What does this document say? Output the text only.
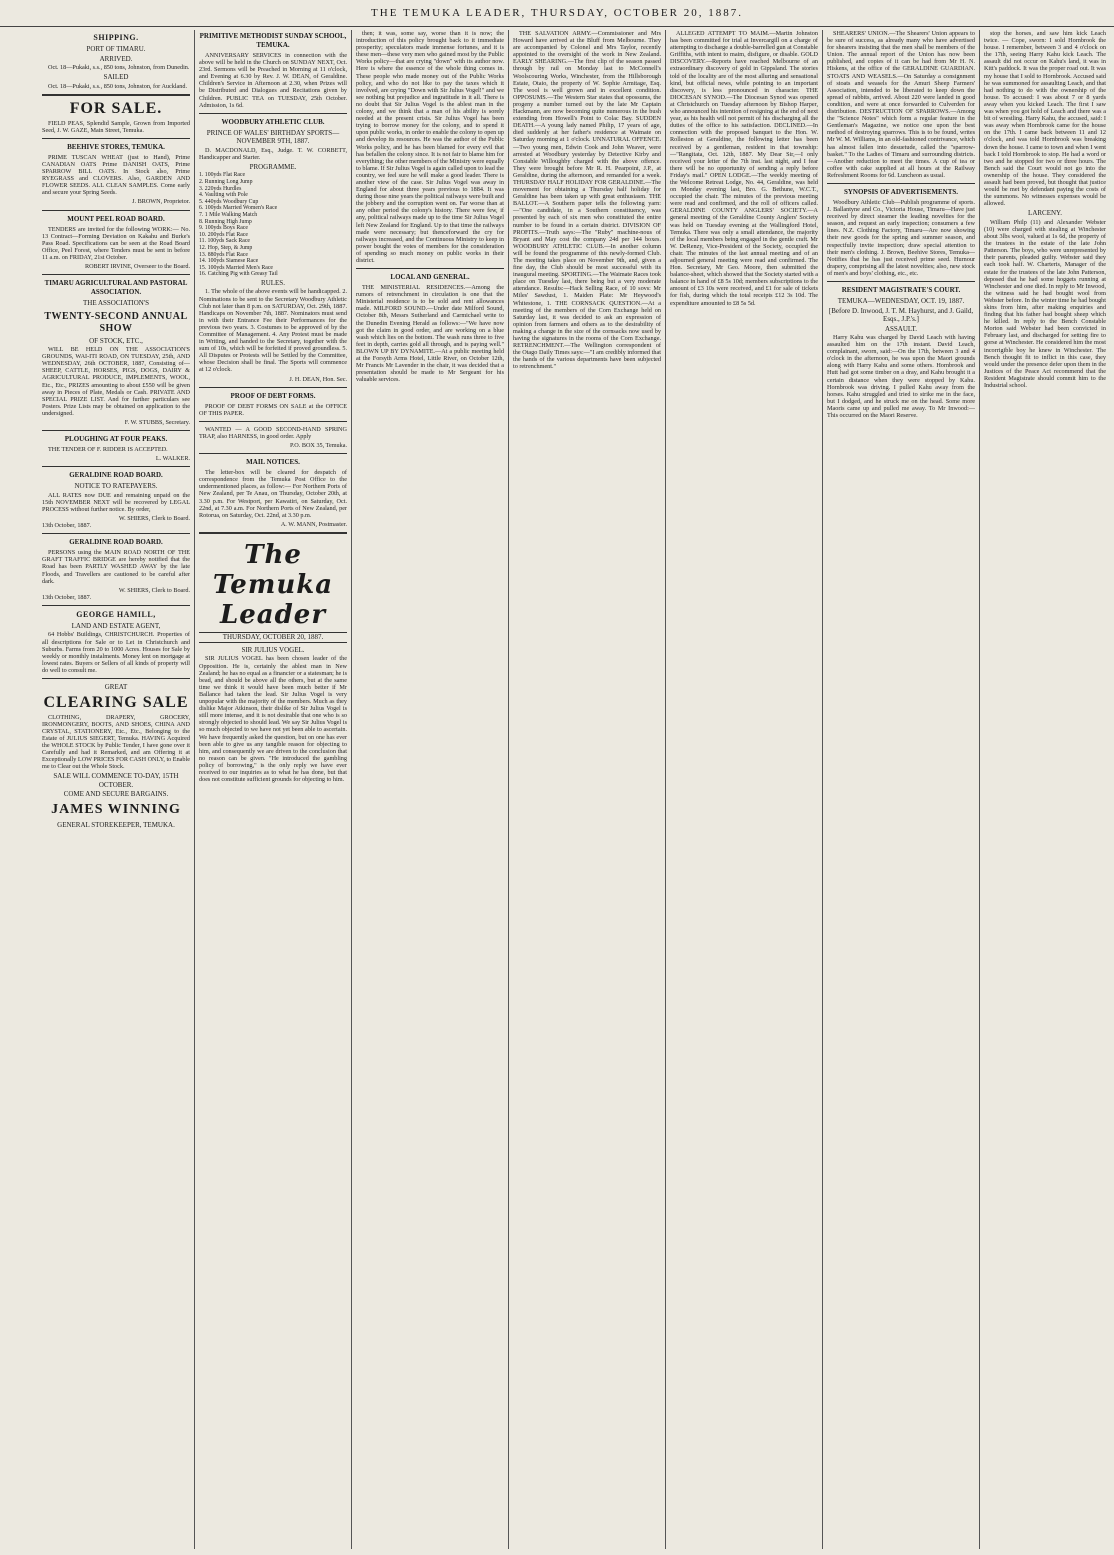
THE TEMUKA LEADER, THURSDAY, OCTOBER 20, 1887.
SHIPPING.
PORT OF TIMARU.
ARRIVED.

Oct. 18—Pukaki, s.s., 850 tons, Johnston, from Dunedin.

SAILED

Oct. 18—Pukaki, s.s., 850 tons, Johnston, for Auckland.

FOR SALE.

FIELD PEAS, Splendid Sample, Grown from Imported Seed, J. W. GAZE, Main Street, Temuka.

BEEHIVE STORES, TEMUKA.

PRIME TUSCAN WHEAT (just to Hand), Prime CANADIAN OATS Prime DANISH OATS, Prime SPARROW BILL OATS. In Stock also, Prime RYEGRASS and CLOVERS. Also, GARDEN AND FLOWER SEEDS. ALL CLEAN SAMPLES. Come early and secure your Spring Seeds.

J. BROWN, Proprietor.
MOUNT PEEL ROAD BOARD.

TENDERS are invited for the following WORK:— No. 13 Contract—Forming Deviation on Kakahu and Burke's Pass Road. Specifications can be seen at the Road Board Office, Peel Forest, where Tenders must be sent in before 11 a.m. on FRIDAY, 21st October.

ROBERT IRVINE, Overseer to the Board.
TIMARU AGRICULTURAL AND PASTORAL ASSOCIATION.
THE ASSOCIATION'S
TWENTY-SECOND ANNUAL SHOW
OF STOCK, ETC.,

WILL BE HELD ON THE ASSOCIATION'S GROUNDS, WAI-ITI ROAD, ON TUESDAY, 25th, AND WEDNESDAY, 26th OCTOBER, 1887, Consisting of—SHEEP, CATTLE, HORSES, PIGS, DOGS, DAIRY & AGRICULTURAL PRODUCE, IMPLEMENTS, WOOL, Etc., Etc., PRIZES amounting to about £550 will be given away in Pieces of Plate, Medals or Cash. PRIVATE AND SPECIAL PRIZE LIST. And for further particulars see Posters. Prize Lists may be obtained on application to the undersigned.

F. W. STUBBS, Secretary.
PLOUGHING AT FOUR PEAKS.

THE TENDER OF F. RIDDER IS ACCEPTED.

L. WALKER.
GERALDINE ROAD BOARD.
NOTICE TO RATEPAYERS.

ALL RATES now DUE and remaining unpaid on the 15th NOVEMBER NEXT will be recovered by LEGAL PROCESS without further notice. By order,

W. SHIERS, Clerk to Board.
13th October, 1887.
GERALDINE ROAD BOARD.

PERSONS using the MAIN ROAD NORTH OF THE GRAFT TRAFFIC BRIDGE are hereby notified that the Road has been PARTLY WASHED AWAY by the late Floods, and Travellers are cautioned to be careful after dark.

W. SHIERS, Clerk to Board.
13th October, 1887.
GEORGE HAMILL,
LAND AND ESTATE AGENT,

64 Hobbs' Buildings, CHRISTCHURCH. Properties of all descriptions for Sale or to Let in Christchurch and Suburbs. Farms from 20 to 1000 Acres. Houses for Sale by weekly or monthly instalments. Money lent on mortgage at lowest rates. Buyers or Sellers of all kinds of property will do well to consult me.

GREAT
CLEARING SALE

CLOTHING, DRAPERY, GROCERY, IRONMONGERY, BOOTS, AND SHOES, CHINA AND CRYSTAL, STATIONERY, Etc., Etc., Belonging to the Estate of JULIUS SIEGERT, Temuka. HAVING Acquired the WHOLE STOCK by Public Tender, I have gone over it Carefully and had it Remarked, and am Offering it at Exceptionally LOW PRICES FOR CASH ONLY, to Enable me to Clear out the Whole Stock.

SALE WILL COMMENCE TO-DAY, 15TH OCTOBER.
COME AND SECURE BARGAINS.
JAMES WINNING
GENERAL STOREKEEPER, TEMUKA.
PRIMITIVE METHODIST SUNDAY SCHOOL, TEMUKA.

ANNIVERSARY SERVICES in connection with the above will be held in the Church on SUNDAY NEXT, Oct. 23rd. Sermons will be Preached in Morning at 11 o'clock, and Evening at 6.30 by Rev. J. W. DEAN, of Geraldine. Children's Service in Afternoon at 2.30, when Prizes will be Distributed and Dialogues and Recitations given by Children. PUBLIC TEA on TUESDAY, 25th October. Admission, 1s 6d.

WOODBURY ATHLETIC CLUB.
PRINCE OF WALES' BIRTHDAY SPORTS—NOVEMBER 9TH, 1887.

D. MACDONALD, Esq., Judge. T. W. CORBETT, Handicapper and Starter.

PROGRAMME.
1. 100yds Flat Race
2. Running Long Jump
3. 220yds Hurdles
4. Vaulting with Pole
5. 440yds Woodbury Cup
6. 100yds Married Women's Race
7. 1 Mile Walking Match
8. Running High Jump
9. 100yds Boys Race
10. 200yds Flat Race
11. 100yds Sack Race
12. Hop, Step, & Jump
13. 880yds Flat Race
14. 100yds Siamese Race
15. 100yds Married Men's Race
16. Catching Pig with Greasy Tail
RULES.

1. The whole of the above events will be handicapped. 2. Nominations to be sent to the Secretary Woodbury Athletic Club not later than 8 p.m. on SATURDAY, Oct. 29th, 1887. Handicaps on November 7th, 1887. Nominators must send in with their Entrance Fee their Performances for the previous two years. 3. Costumes to be approved of by the Committee of Management. 4. Any Protest must be made in Writing, and handed to the Secretary, together with the sum of 10s, which will be forfeited if proved groundless. 5. All Disputes or Protests will be Settled by the Committee, whose Decision shall be final. The Sports will commence at 12 o'clock.

J. H. DEAN, Hon. Sec.
PROOF OF DEBT FORMS.

PROOF OF DEBT FORMS ON SALE at the OFFICE OF THIS PAPER.

WANTED — A GOOD SECOND-HAND SPRING TRAP, also HARNESS, in good order. Apply

P.O. BOX 35, Temuka.
MAIL NOTICES.

The letter-box will be cleared for despatch of correspondence from the Temuka Post Office to the undermentioned places, as follow:— For Northern Ports of New Zealand, per Te Anau, on Thursday, October 20th, at 3.30 p.m. For Westport, per Kawatiri, on Saturday, Oct. 22nd, at 7.30 a.m. For Northern Ports of New Zealand, per Rotorua, on Saturday, Oct. 22nd, at 3.30 p.m.

A. W. MANN, Postmaster.
The Temuka Leader
THURSDAY, OCTOBER 20, 1887.
SIR JULIUS VOGEL.

SIR JULIUS VOGEL has been chosen leader of the Opposition. He is, certainly the ablest man in New Zealand; he has no equal as a financier or a statesman; he is bead, and should be above all the others, but at the same time we think it would have been much better if Mr Ballance had taken the lead. Sir Julius Vogel is very unpopular with the majority of the members. Much as they dislike Major Atkinson, their dislike of Sir Julius Vogel is still more intense, and it is not desirable that one who is so strongly objected to should lead. We say Sir Julius Vogel is so much objected to we have not yet been able to ascertain. We have frequently asked the question, but on one has ever been able to give us any tangible reason for objecting to him, and consequently we are driven to the conclusion that no reason can be given. "He introduced the gambling policy of borrowing," is the only reply we have ever received to our inquiries as to what he has done, but that does not constitute sufficient grounds for objecting to him.

then; it was, some say, worse than it is now; the introduction of this policy brought back to it immediate prosperity; speculators made immense fortunes, and it is these men—these very men who gained most by the Public Works policy—that are crying "down" with its author now. Here is where the essence of the whole thing comes in. These people who made money out of the Public Works policy, and who do not like to pay the taxes which it involved, are crying "Down with Sir Julius Vogel!" and we see nothing but prejudice and ingratitude in it all. There is no doubt that Sir Julius Vogel is the ablest man in the colony, and we think that a man of his ability is sorely needed at the present crisis. Sir Julius Vogel has been trying to borrow money for the colony, and to spend it upon public works, in order to enable the colony to open up and develop its resources. He was the author of the Public Works policy, and he has been blamed for every evil that has befallen the colony since. It is not fair to blame him for everything; the other members of the Ministry were equally to blame. If Sir Julius Vogel is again called upon to lead the country, we feel sure he will make a good leader. There is another view of the case. Sir Julius Vogel was away in England for about three years previous to 1884. It was during those nine years the political railways were built and the jobbery and the corruption went on. Far worse than at any other period the colony's history. There were few, if any, political railways made up to the time Sir Julius Vogel left New Zealand for England. Up to that time the railways made were necessary; but thenceforward the cry for railways increased, and the Continuous Ministry to keep in power bought the votes of members for the consideration of spending so much money on public works in their district.

LOCAL AND GENERAL.

THE MINISTERIAL RESIDENCES.—Among the rumors of retrenchment in circulation is one that the Ministerial residence is to be sold and rent allowances made. MILFORD SOUND.—Under date Milford Sound, October 8th, Messrs Sutherland and Carmichael write to the Dunedin Evening Herald as follows:—"We have now got the claim in good order, and are working on a blue wash which lies on the bottom. The wash runs three to five feet in depth, carries gold all through, and is paying well." BLOWN UP BY DYNAMITE.—At a public meeting held at the Forsyth Arms Hotel, Little River, on October 12th, Mr Francis Mr Lavender in the chair, it was decided that a presentation should be made to Mr Sergeant for his valuable services.

THE SALVATION ARMY.—Commissioner and Mrs Howard have arrived at the Bluff from Melbourne. They are accompanied by Colonel and Mrs Taylor, recently appointed to the oversight of the work in New Zealand. EARLY SHEARING.—The first clip of the season passed through by rail on Monday last to McConnell's Woolscouring Works, Winchester, from the Hillsborough Estate, Otaio, the property of W. Sophie Armitage, Esq. The wool is well grown and in excellent condition. OPPOSUMS.—The Western Star states that opossums, the progeny a number turned out by the late Mr Captain Hackmann, are now becoming quite numerous in the bush extending from Howell's Point to Colac Bay. SUDDEN DEATH.—A young lady named Philip, 17 years of age, died suddenly at her father's residence at Waimate on Saturday morning at 1 o'clock. UNNATURAL OFFENCE.—Two young men, Edwin Cook and John Weaver, were arrested at Woodbury yesterday by Detective Kirby and Constable Willoughby charged with the above offence. They were brought before Mr R. H. Pearpoint, J.P., at Geraldine, during the afternoon, and remanded for a week. THURSDAY HALF HOLIDAY FOR GERALDINE.—The movement for obtaining a Thursday half holiday for Geraldine has been taken up with great enthusiasm. THE BALLOT.—A Southern paper tells the following yarn:—"One candidate, in a Southern constituency, was presented by each of six men who constituted the entire number to be found in a certain district. DIVISION OF PROFITS.—Truth says:—The "Ruby" machine-nous of Bryant and May cost the company 24d per 144 boxes. WOODBURY ATHLETIC CLUB.—In another column will be found the programme of this newly-formed Club. The meeting takes place on November 9th, and, given a fine day, the Club should be most successful with its inaugural meeting. SPORTING.—The Waimate Races took place on Tuesday last, there being but a very moderate attendance. Results:—Hack Selling Race, of 10 sovs: Mr Miles' Sawdust, 1. Maiden Plate: Mr Heywood's Whitestone, 1. THE CORNSACK QUESTION.—At a meeting of the members of the Corn Exchange held on Saturday last, it was decided to ask an expression of opinion from farmers and others as to the desirability of making a change in the size of the cornsacks now used by having the signatures in the rooms of the Corn Exchange. RETRENCHMENT.—The Wellington correspondent of the Otago Daily Times says:—"I am credibly informed that the hands of the various departments have been subjected to retrenchment."

ALLEGED ATTEMPT TO MAIM.—Martin Johnston has been committed for trial at Invercargill on a charge of attempting to discharge a double-barrelled gun at Constable Griffiths, with intent to maim, disfigure, or disable. GOLD DISCOVERY.—Reports have reached Melbourne of an extraordinary discovery of gold in Gippsland. The stories told of the locality are of the most alluring and sensational kind, but official news, while pointing to an important discovery, is less pronounced in character. THE DIOCESAN SYNOD.—The Diocesan Synod was opened at Christchurch on Tuesday afternoon by Bishop Harper, who announced his intention of resigning at the end of next year, as his health will not permit of his discharging all the duties of the office to his satisfaction. DECLINED.—In connection with the proposed banquet to the Hon. W. Rolleston at Geraldine, the following letter has been received by a gentleman, resident in that township:—"Rangitata, Oct. 12th, 1887. My Dear Sir,—I only received your letter of the 7th inst. last night, and I fear there will be no opportunity of sending a reply before Friday's mail." OPEN LODGE.—The weekly meeting of the Welcome Retreat Lodge, No. 44, Geraldine, was held on Monday evening last, Bro. G. Bethune, W.C.T., occupied the chair. The minutes of the previous meeting were read and confirmed, and the roll of officers called. GERALDINE COUNTY ANGLERS' SOCIETY.—A general meeting of the Geraldine County Anglers' Society was held on Tuesday evening at the Wallingford Hotel, Temuka. There was only a small attendance, the majority of the local members being engaged in the gentle craft. Mr W. DeRenzy, Vice-President of the Society, occupied the chair. The minutes of the last annual meeting and of an adjourned general meeting were read and confirmed. The Hon. Secretary, Mr Geo. Moore, then submitted the balance-sheet, which showed that the Society started with a balance in hand of £8 5s 10d; members subscriptions to the amount of £3 10s were received, and £1 for sale of tickets for fish, during which the total receipts £12 3s 10d. The expenditure amounted to £8 5s 5d.

SHEARERS' UNION.—The Shearers' Union appears to be sure of success, as already many who have advertised for shearers insisting that the men shall be members of the Union. The annual report of the Union has now been published, and copies of it can be had from Mr H. N. Hiskens, at the office of the GERALDINE GUARDIAN. STOATS AND WEASELS.—On Saturday a consignment of stoats and weasels for the Amuri Sheep Farmers' Association, intended to be liberated to keep down the spread of rabbits, arrived. About 220 were landed in good condition, and were at once forwarded to Culverden for distribution. DESTRUCTION OF SPARROWS.—Among the "Science Notes" which form a regular feature in the Gentleman's Magazine, we notice one upon the best method of destroying sparrows. This is to be found, writes Mr W. M. Williams, in an old-fashioned contrivance, which has almost fallen into desuetude, called the "sparrow-basket." To the Ladies of Timaru and surrounding districts.—Another reduction to meet the times. A cup of tea or coffee with cake supplied at all hours at the Railway Refreshment Rooms for 6d. Luncheon as usual.

SYNOPSIS OF ADVERTISEMENTS.

Woodbury Athletic Club—Publish programme of sports. J. Ballantyne and Co., Victoria House, Timaru—Have just received by direct steamer the leading novelties for the season, and request an early inspection; consumers a few lines. N.Z. Clothing Factory, Timaru—Are now showing their new goods for the spring and summer season, and respectfully invite inspection; draw special attention to their men's clothing. J. Brown, Beehive Stores, Temuka—Notifies that he has just received prime seed. Hurnour drapery, comprising all the latest novelties; also, new stock of men's and boys' clothing, etc., etc.

RESIDENT MAGISTRATE'S COURT.
TEMUKA—WEDNESDAY, OCT. 19, 1887.
[Before D. Inwood, J. T. M. Hayhurst, and J. Gaild, Esqs., J.P.'s.]
ASSAULT.

Harry Kahu was charged by David Leach with having assaulted him on the 17th instant. David Leach, complainant, sworn, said:—On the 17th, between 3 and 4 o'clock in the afternoon, he was upon the Maori grounds along with Harry Kahu and some others. Hornbrook and Hutt had got some timber on a dray, and Kahu brought it a certain distance when they were stopped by Kahu. Hornbrook was driving. I pulled Kahu away from the horses. Kahu struggled and tried to strike me in the face, but I dodged, and he struck me on the head. Some more Maoris came up and pulled me away. To Mr Inwood:—This occurred on the Maori Reserve.

stop the horses, and saw him kick Leach twice. — Cope, sworn: I sold Hornbrook the house. I remember, between 3 and 4 o'clock on the 17th, seeing Harry Kahu kick Leach. The assault did not occur on Kahu's land, it was in Kitt's paddock. It was the proper road out. It was my house that I sold to Hornbrook. Accused said he was summoned for assaulting Leach, and that had nothing to do with the ownership of the house. To accused: I was about 7 or 8 yards away when you kicked Leach. The first I saw was when you got hold of Leach and there was a bit of wrestling. Harry Kahu, the accused, said: I was away when Hornbrook came for the house on the 17th. I came back between 11 and 12 o'clock, and was told Hornbrook was breaking down the house. I came to town and when I went back I told Hornbrook to stop. He had a word or two and he stopped for two or three hours. The Bench said the Court would not go into the ownership of the house. They considered the assault had been proved, but thought that justice would be met by defendant paying the costs of the summons. No witnesses expenses would be allowed.

LARCENY.

William Philp (11) and Alexander Webster (10) were charged with stealing at Winchester about 3lbs wool, valued at 1s 6d, the property of the trustees in the estate of the late John Patterson. The boys, who were unrepresented by their parents, pleaded guilty. Webster said they each took half. W. Charteris, Manager of the estate for the trustees of the late John Patterson, deposed that he had some hoggets running at Winchester and one died. In reply to Mr Inwood, the witness said he had bought wool from Webster before. In the winter time he had bought skins from him, after making enquiries and finding that his father had bought sheep which he killed. In reply to the Bench Constable Morton said Webster had been convicted in February last, and discharged for setting fire to gorse at Winchester. He considered him the most incorrigible boy he knew in Winchester. The Bench thought fit to inflict in this case, they would under the presence defer upon them in the Justices of the Peace Act recommend that the Resident Magistrate should commit him to the Industrial school.
